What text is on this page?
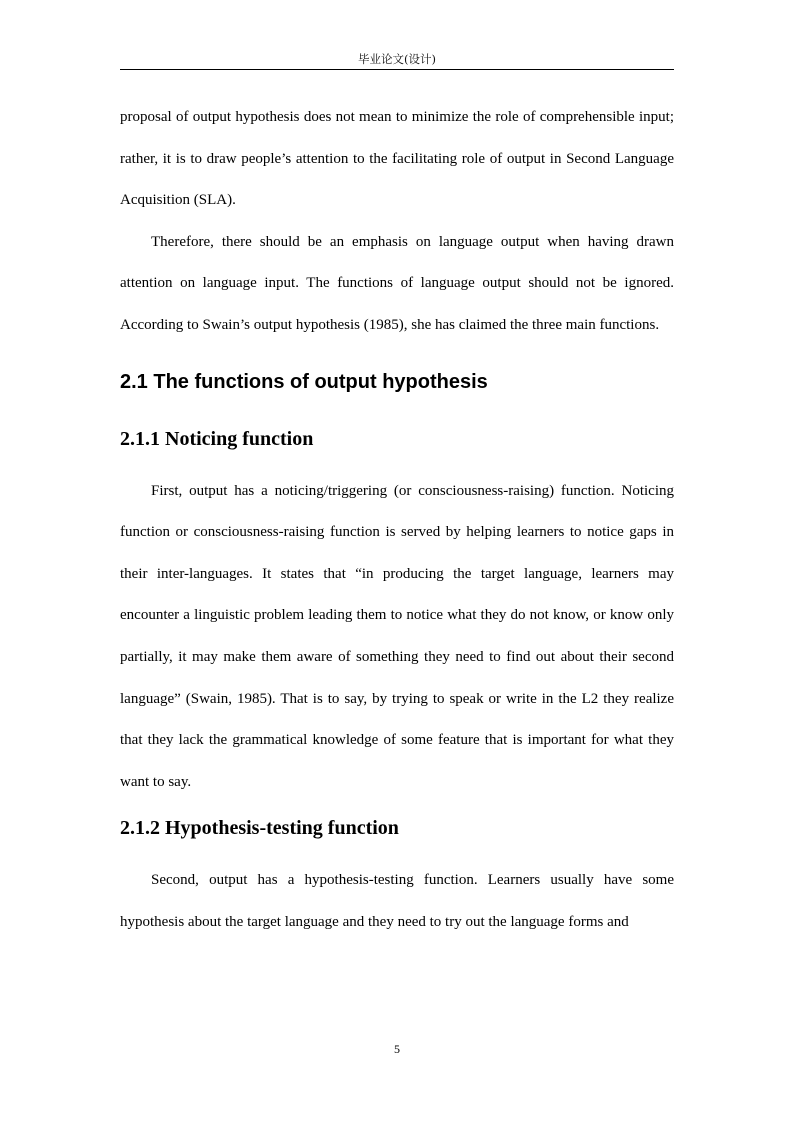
毕业论文(设计)

proposal of output hypothesis does not mean to minimize the role of comprehensible input; rather, it is to draw people’s attention to the facilitating role of output in Second Language Acquisition (SLA).

Therefore, there should be an emphasis on language output when having drawn attention on language input. The functions of language output should not be ignored. According to Swain’s output hypothesis (1985), she has claimed the three main functions.

2.1 The functions of output hypothesis
2.1.1 Noticing function

First, output has a noticing/triggering (or consciousness-raising) function. Noticing function or consciousness-raising function is served by helping learners to notice gaps in their inter-languages. It states that “in producing the target language, learners may encounter a linguistic problem leading them to notice what they do not know, or know only partially, it may make them aware of something they need to find out about their second language” (Swain, 1985). That is to say, by trying to speak or write in the L2 they realize that they lack the grammatical knowledge of some feature that is important for what they want to say.

2.1.2 Hypothesis-testing function

Second, output has a hypothesis-testing function. Learners usually have some hypothesis about the target language and they need to try out the language forms and

5
